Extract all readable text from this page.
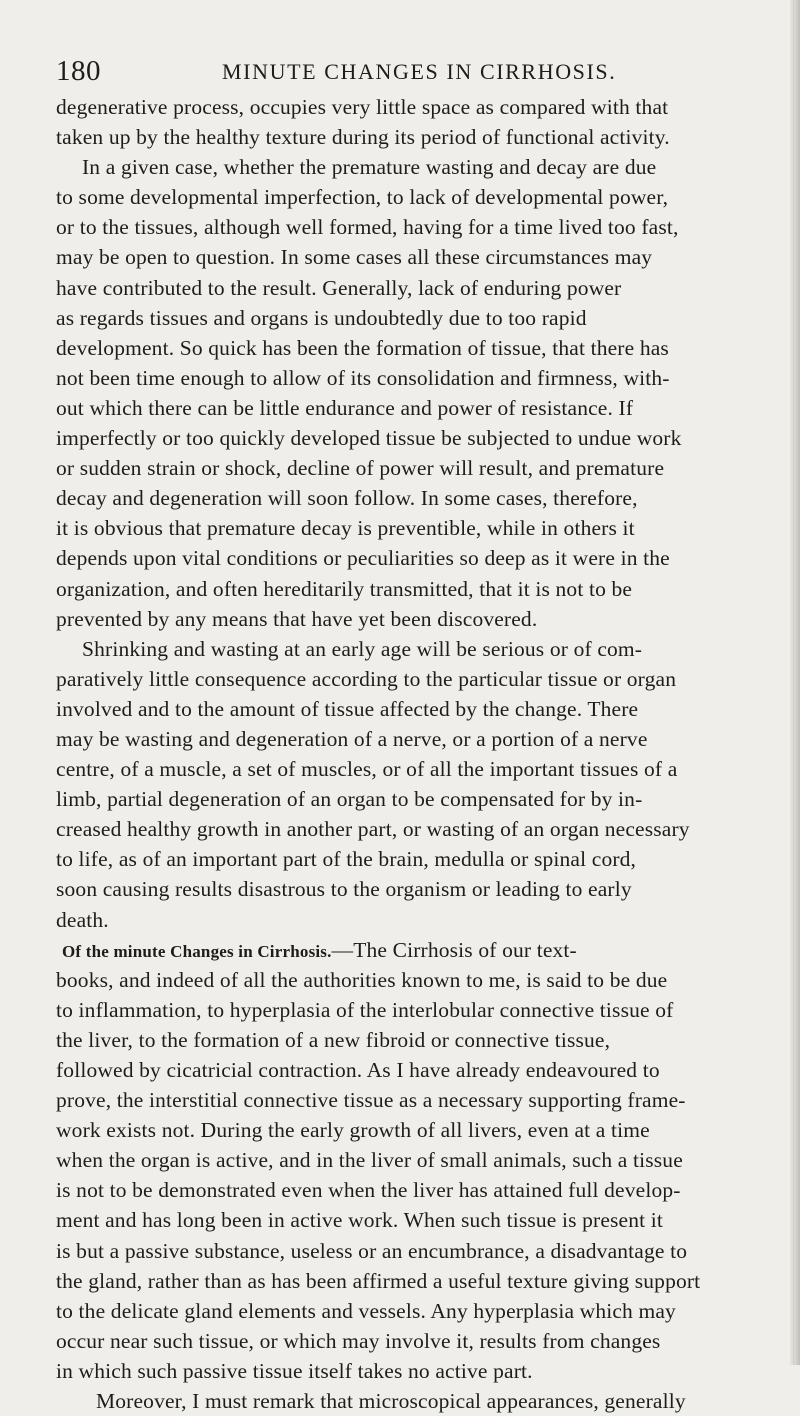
180	MINUTE CHANGES IN CIRRHOSIS.
degenerative process, occupies very little space as compared with that
taken up by the healthy texture during its period of functional activity.
In a given case, whether the premature wasting and decay are due
to some developmental imperfection, to lack of developmental power,
or to the tissues, although well formed, having for a time lived too fast,
may be open to question. In some cases all these circumstances may
have contributed to the result. Generally, lack of enduring power
as regards tissues and organs is undoubtedly due to too rapid
development. So quick has been the formation of tissue, that there has
not been time enough to allow of its consolidation and firmness, with-
out which there can be little endurance and power of resistance. If
imperfectly or too quickly developed tissue be subjected to undue work
or sudden strain or shock, decline of power will result, and premature
decay and degeneration will soon follow. In some cases, therefore,
it is obvious that premature decay is preventible, while in others it
depends upon vital conditions or peculiarities so deep as it were in the
organization, and often hereditarily transmitted, that it is not to be
prevented by any means that have yet been discovered.
Shrinking and wasting at an early age will be serious or of com-
paratively little consequence according to the particular tissue or organ
involved and to the amount of tissue affected by the change. There
may be wasting and degeneration of a nerve, or a portion of a nerve
centre, of a muscle, a set of muscles, or of all the important tissues of a
limb, partial degeneration of an organ to be compensated for by in-
creased healthy growth in another part, or wasting of an organ necessary
to life, as of an important part of the brain, medulla or spinal cord,
soon causing results disastrous to the organism or leading to early
death.
Of the minute Changes in Cirrhosis.—The Cirrhosis of our text-
books, and indeed of all the authorities known to me, is said to be due
to inflammation, to hyperplasia of the interlobular connective tissue of
the liver, to the formation of a new fibroid or connective tissue,
followed by cicatricial contraction. As I have already endeavoured to
prove, the interstitial connective tissue as a necessary supporting frame-
work exists not. During the early growth of all livers, even at a time
when the organ is active, and in the liver of small animals, such a tissue
is not to be demonstrated even when the liver has attained full develop-
ment and has long been in active work. When such tissue is present it
is but a passive substance, useless or an encumbrance, a disadvantage to
the gland, rather than as has been affirmed a useful texture giving support
to the delicate gland elements and vessels. Any hyperplasia which may
occur near such tissue, or which may involve it, results from changes
in which such passive tissue itself takes no active part.
Moreover, I must remark that microscopical appearances, generally
